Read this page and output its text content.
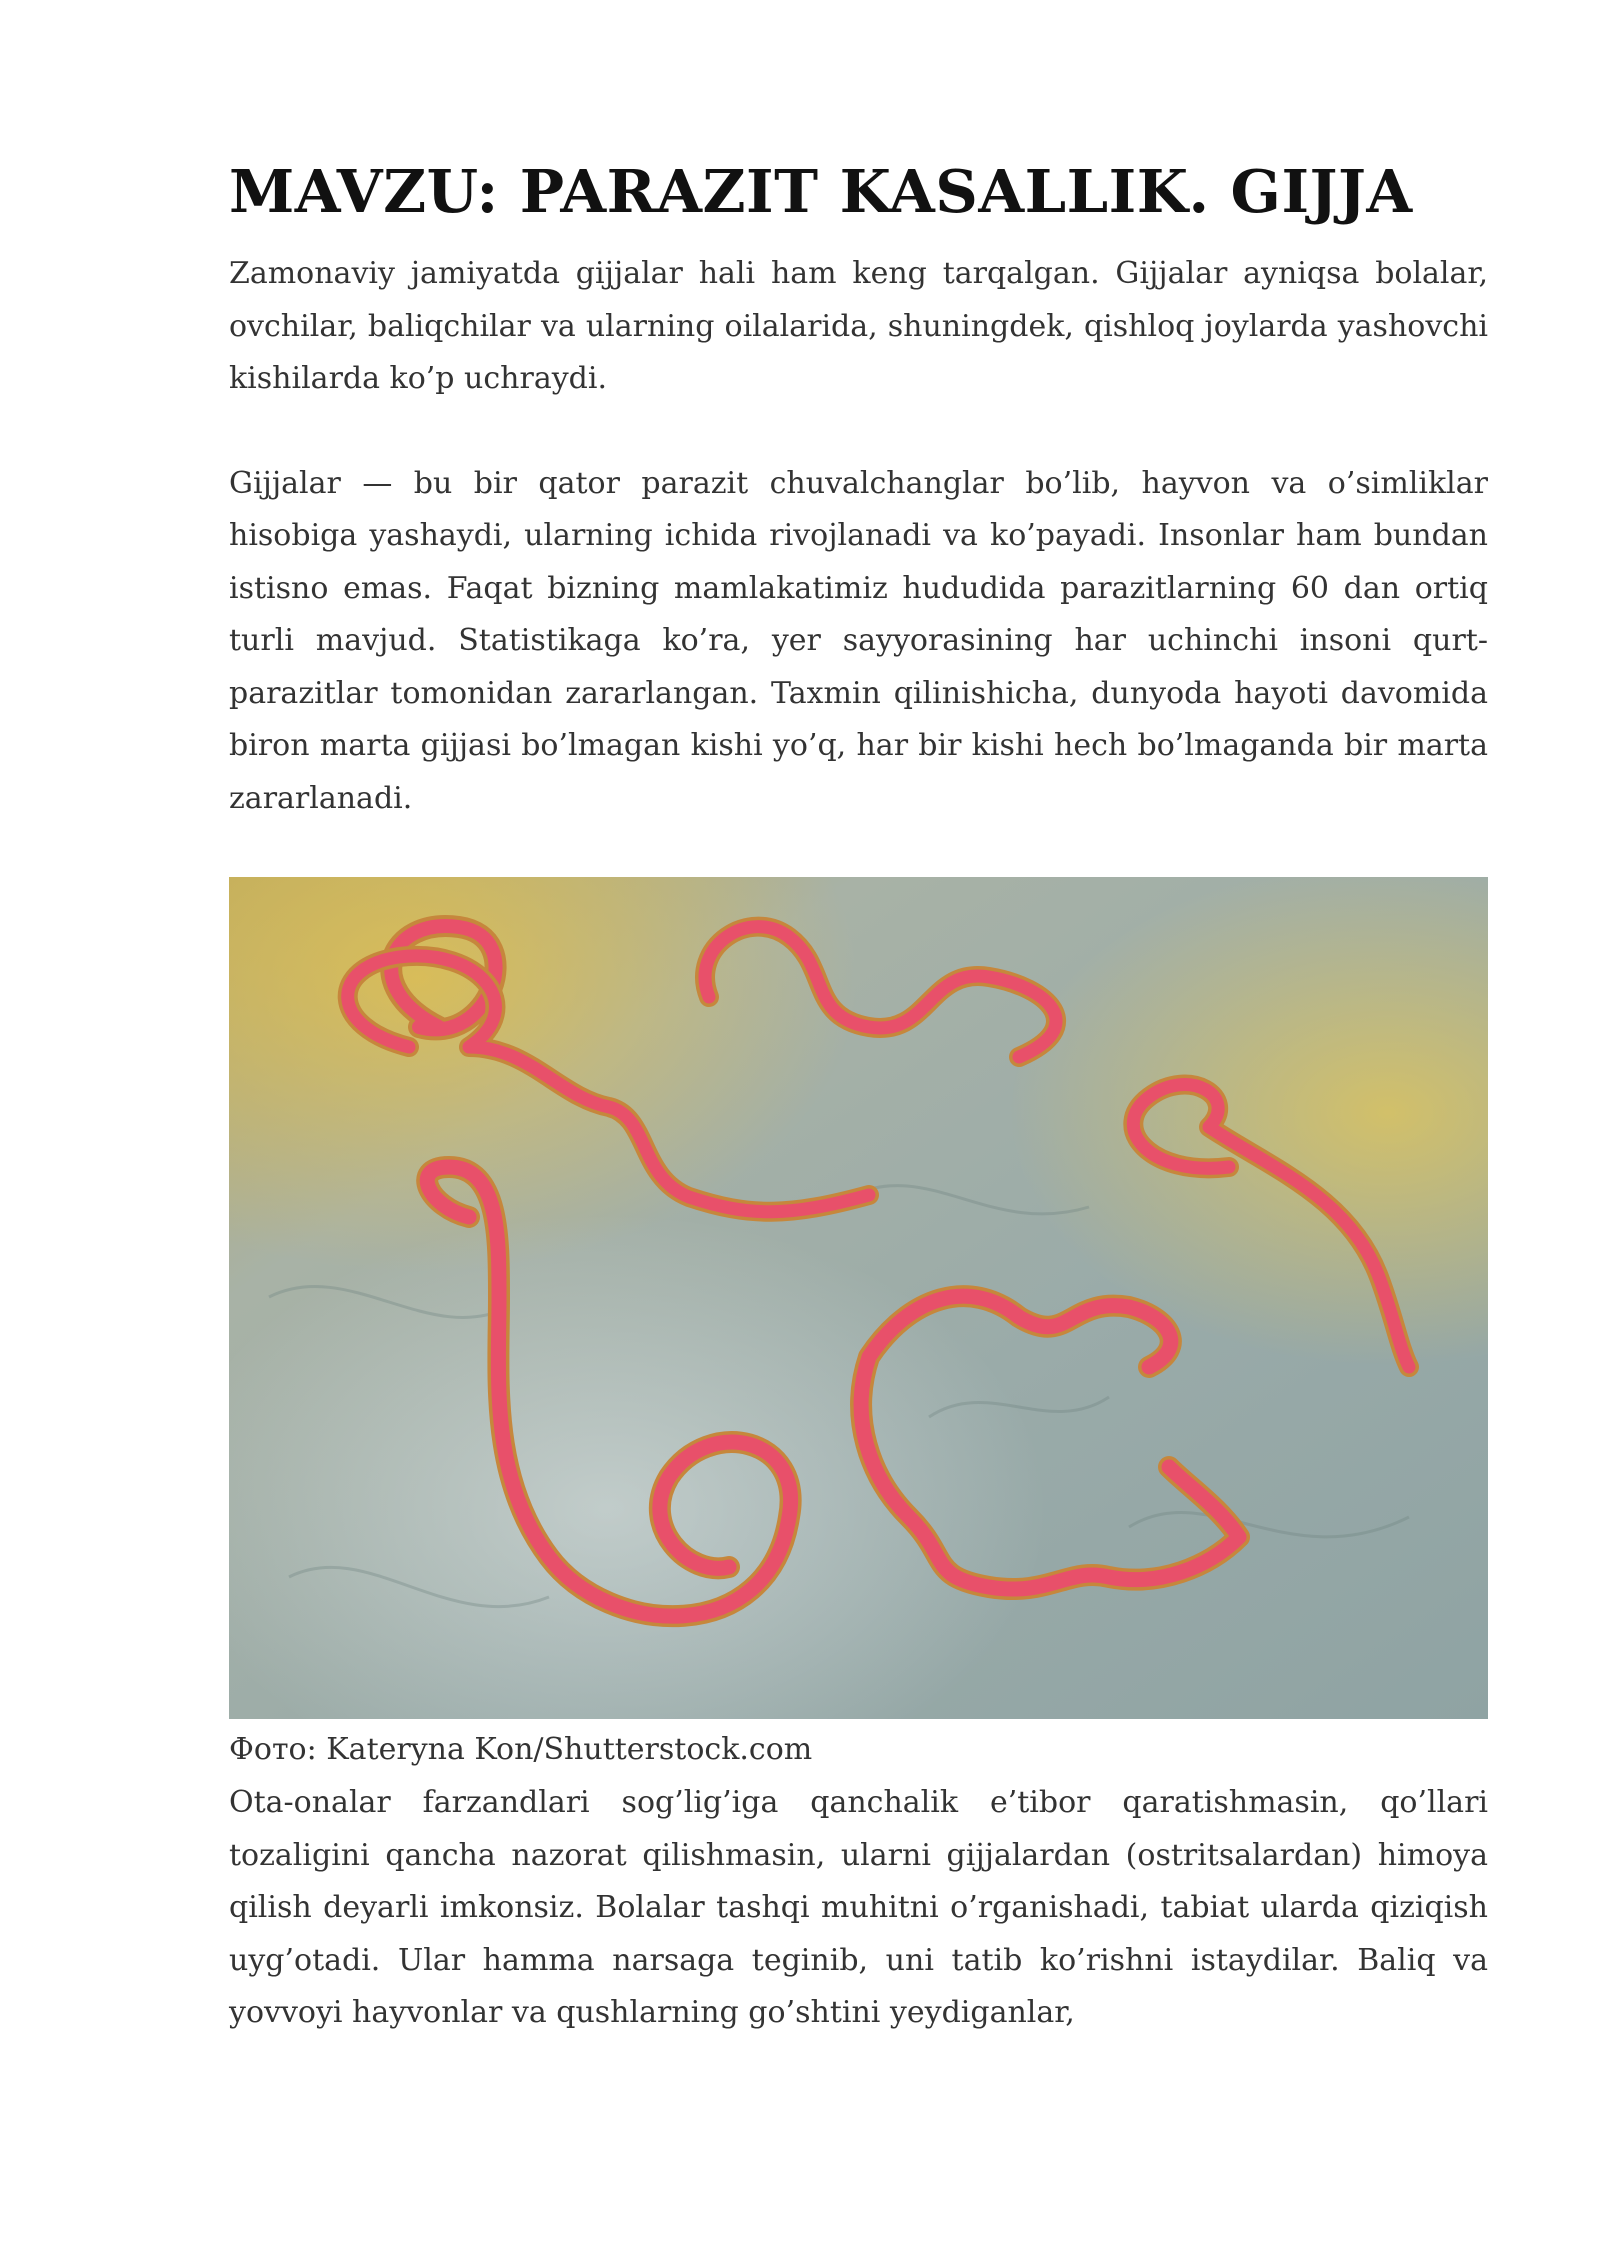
MAVZU: PARAZIT KASALLIK. GIJJA

Zamonaviy jamiyatda gijjalar hali ham keng tarqalgan. Gijjalar ayniqsa bolalar, ovchilar, baliqchilar va ularning oilalarida, shuningdek, qishloq joylarda yashovchi kishilarda ko’p uchraydi.

Gijjalar — bu bir qator parazit chuvalchanglar bo’lib, hayvon va o’simliklar hisobiga yashaydi, ularning ichida rivojlanadi va ko’payadi. Insonlar ham bundan istisno emas. Faqat bizning mamlakatimiz hududida parazitlarning 60 dan ortiq turli mavjud. Statistikaga ko’ra, yer sayyorasining har uchinchi insoni qurt-parazitlar tomonidan zararlangan. Taxmin qilinishicha, dunyoda hayoti davomida biron marta gijjasi bo’lmagan kishi yo’q, har bir kishi hech bo’lmaganda bir marta zararlanadi.

Фото: Kateryna Kon/Shutterstock.com

Ota-onalar farzandlari sog’lig’iga qanchalik e’tibor qaratishmasin, qo’llari tozaligini qancha nazorat qilishmasin, ularni gijjalardan (ostritsalardan) himoya qilish deyarli imkonsiz. Bolalar tashqi muhitni o’rganishadi, tabiat ularda qiziqish uyg’otadi. Ular hamma narsaga teginib, uni tatib ko’rishni istaydilar. Baliq va yovvoyi hayvonlar va qushlarning go’shtini yeydiganlar,
